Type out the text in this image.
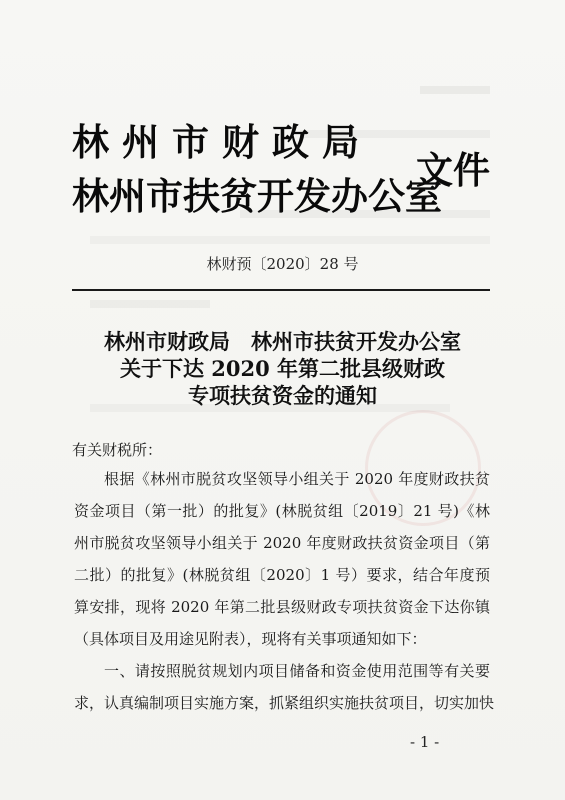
林州市财政局
林州市扶贫开发办公室
文件
林财预〔2020〕28 号
林州市财政局　林州市扶贫开发办公室
关于下达 2020 年第二批县级财政
专项扶贫资金的通知
有关财税所：
根据《林州市脱贫攻坚领导小组关于 2020 年度财政扶贫
资金项目（第一批）的批复》(林脱贫组〔2019〕21 号)《林
州市脱贫攻坚领导小组关于 2020 年度财政扶贫资金项目（第
二批）的批复》(林脱贫组〔2020〕1 号）要求，结合年度预
算安排，现将 2020 年第二批县级财政专项扶贫资金下达你镇
（具体项目及用途见附表），现将有关事项通知如下：
一、请按照脱贫规划内项目储备和资金使用范围等有关要
求，认真编制项目实施方案，抓紧组织实施扶贫项目，切实加快
- 1 -
